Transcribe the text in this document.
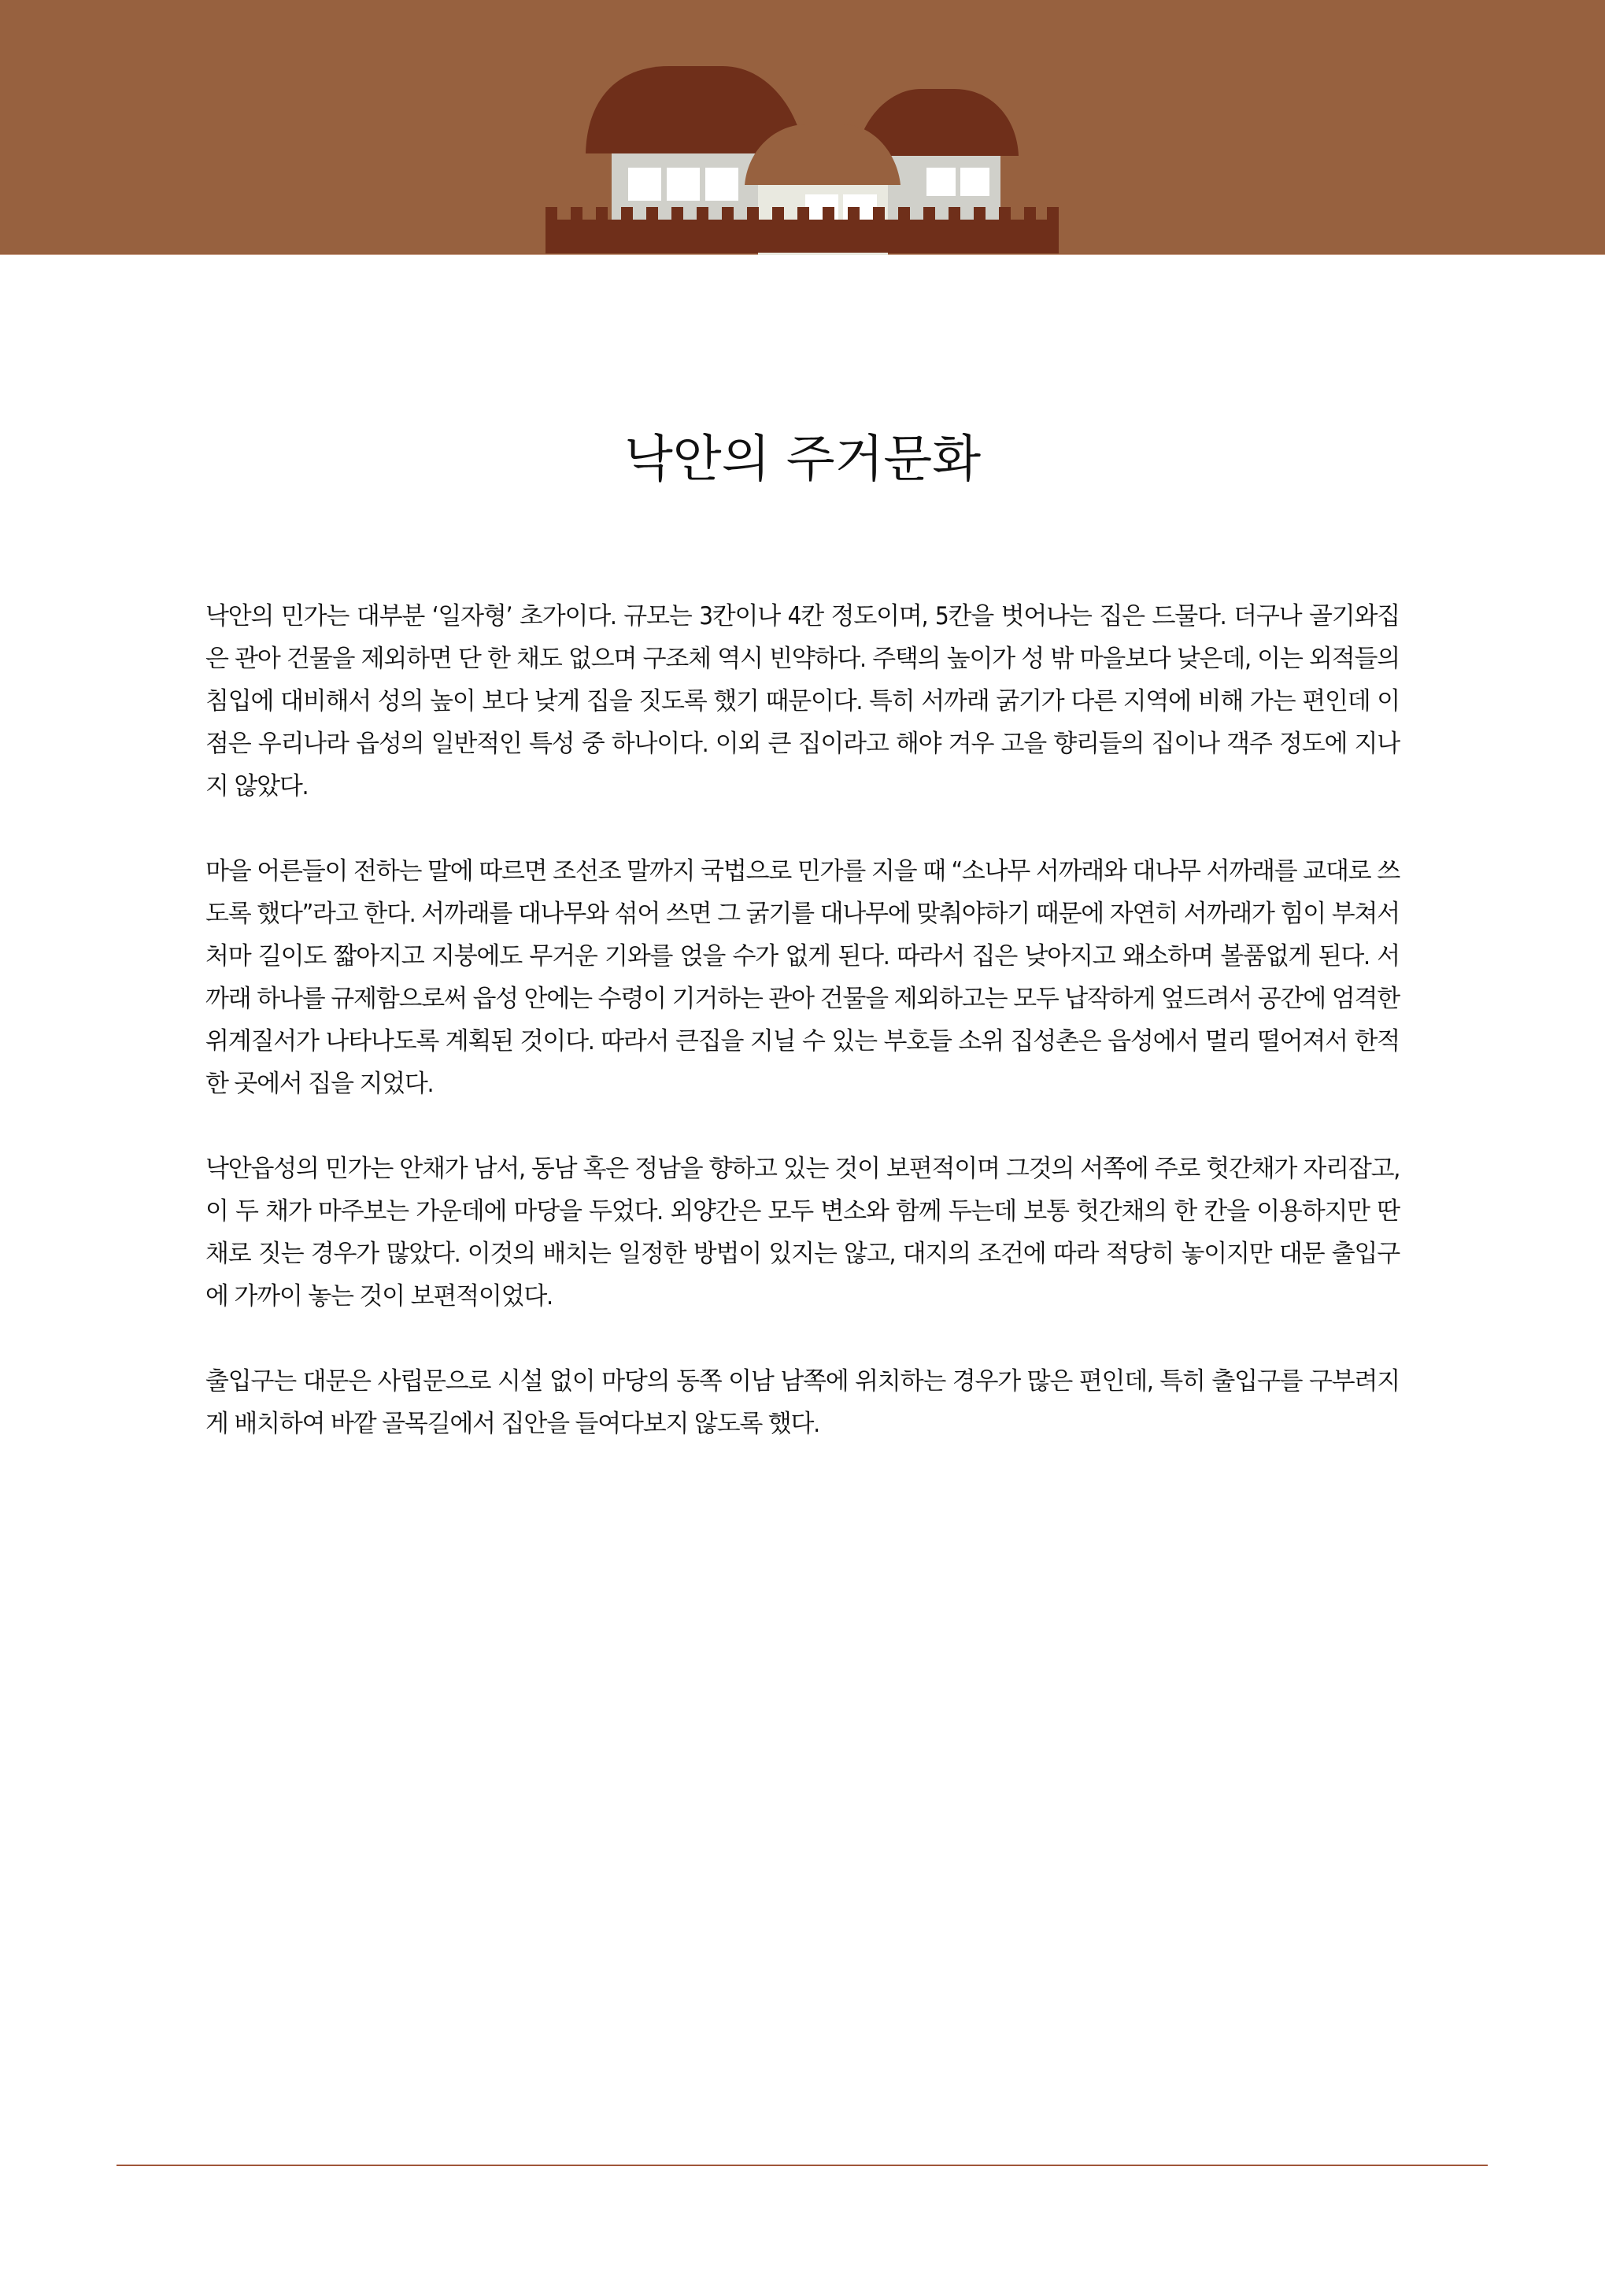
낙안의 주거문화

낙안의 민가는 대부분 ‘일자형’ 초가이다. 규모는 3칸이나 4칸 정도이며, 5칸을 벗어나는 집은 드물다. 더구나 골기와집은 관아 건물을 제외하면 단 한 채도 없으며 구조체 역시 빈약하다. 주택의 높이가 성 밖 마을보다 낮은데, 이는 외적들의 침입에 대비해서 성의 높이 보다 낮게 집을 짓도록 했기 때문이다. 특히 서까래 굵기가 다른 지역에 비해 가는 편인데 이점은 우리나라 읍성의 일반적인 특성 중 하나이다. 이외 큰 집이라고 해야 겨우 고을 향리들의 집이나 객주 정도에 지나지 않았다.

마을 어른들이 전하는 말에 따르면 조선조 말까지 국법으로 민가를 지을 때 “소나무 서까래와 대나무 서까래를 교대로 쓰도록 했다”라고 한다. 서까래를 대나무와 섞어 쓰면 그 굵기를 대나무에 맞춰야하기 때문에 자연히 서까래가 힘이 부쳐서 처마 길이도 짧아지고 지붕에도 무거운 기와를 얹을 수가 없게 된다. 따라서 집은 낮아지고 왜소하며 볼품없게 된다. 서까래 하나를 규제함으로써 읍성 안에는 수령이 기거하는 관아 건물을 제외하고는 모두 납작하게 엎드려서 공간에 엄격한 위계질서가 나타나도록 계획된 것이다. 따라서 큰집을 지닐 수 있는 부호들 소위 집성촌은 읍성에서 멀리 떨어져서 한적한 곳에서 집을 지었다.

낙안읍성의 민가는 안채가 남서, 동남 혹은 정남을 향하고 있는 것이 보편적이며 그것의 서쪽에 주로 헛간채가 자리잡고, 이 두 채가 마주보는 가운데에 마당을 두었다. 외양간은 모두 변소와 함께 두는데 보통 헛간채의 한 칸을 이용하지만 딴 채로 짓는 경우가 많았다. 이것의 배치는 일정한 방법이 있지는 않고, 대지의 조건에 따라 적당히 놓이지만 대문 출입구에 가까이 놓는 것이 보편적이었다.

출입구는 대문은 사립문으로 시설 없이 마당의 동쪽 이남 남쪽에 위치하는 경우가 많은 편인데, 특히 출입구를 구부려지게 배치하여 바깥 골목길에서 집안을 들여다보지 않도록 했다.
